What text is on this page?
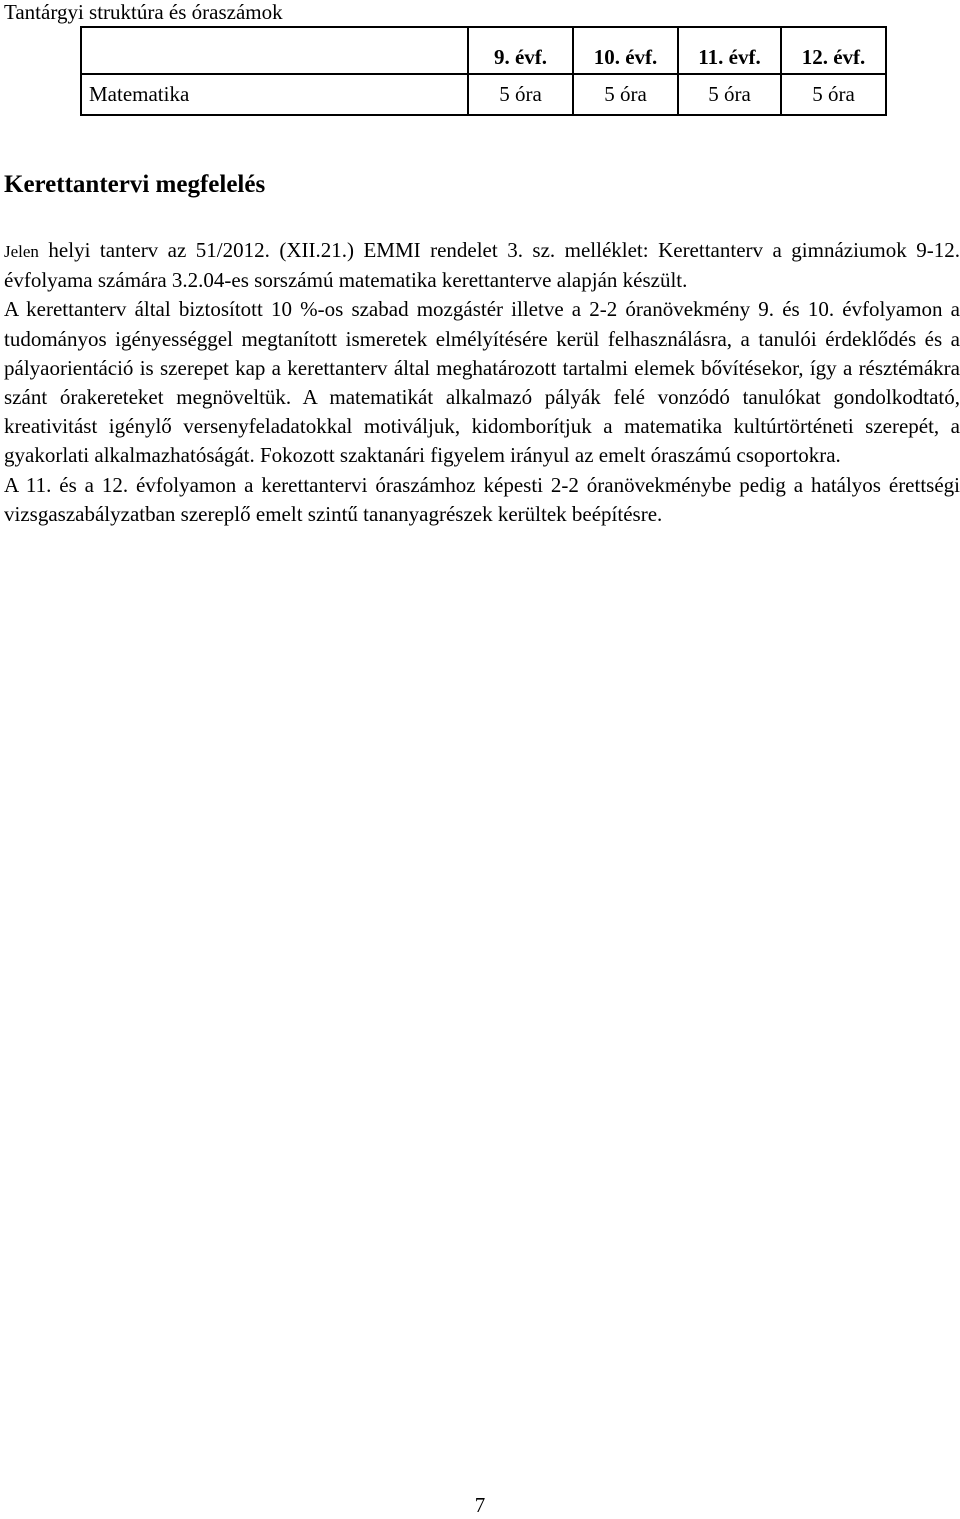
Tantárgyi struktúra és óraszámok
	9. évf.	10. évf.	11. évf.	12. évf.
Matematika	5 óra	5 óra	5 óra	5 óra
Kerettantervi megfelelés

Jelen helyi tanterv az 51/2012. (XII.21.) EMMI rendelet 3. sz. melléklet: Kerettanterv a gimnáziumok 9-12. évfolyama számára 3.2.04-es sorszámú matematika kerettanterve alapján készült.

A kerettanterv által biztosított 10 %-os szabad mozgástér illetve a 2-2 óranövekmény 9. és 10. évfolyamon a tudományos igényességgel megtanított ismeretek elmélyítésére kerül felhasználásra, a tanulói érdeklődés és a pályaorientáció is szerepet kap a kerettanterv által meghatározott tartalmi elemek bővítésekor, így a résztémákra szánt órakereteket megnöveltük. A matematikát alkalmazó pályák felé vonzódó tanulókat gondolkodtató, kreativitást igénylő versenyfeladatokkal motiváljuk, kidomborítjuk a matematika kultúrtörténeti szerepét, a gyakorlati alkalmazhatóságát. Fokozott szaktanári figyelem irányul az emelt óraszámú csoportokra.

A 11. és a 12. évfolyamon a kerettantervi óraszámhoz képesti 2-2 óranövekménybe pedig a hatályos érettségi vizsgaszabályzatban szereplő emelt szintű tananyagrészek kerültek beépítésre.

7
